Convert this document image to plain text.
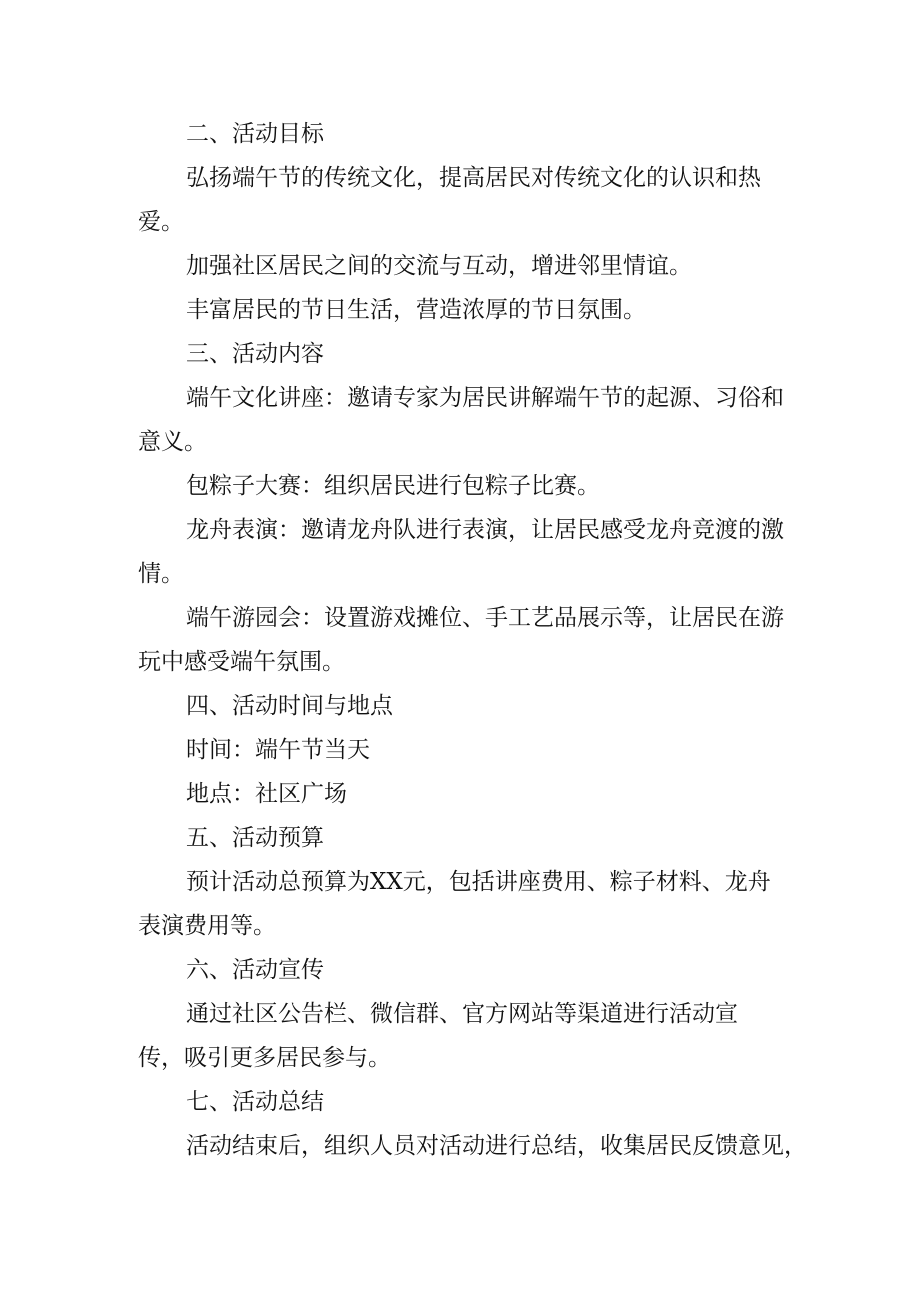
二、活动目标
弘扬端午节的传统文化，提高居民对传统文化的认识和热
爱。
加强社区居民之间的交流与互动，增进邻里情谊。
丰富居民的节日生活，营造浓厚的节日氛围。
三、活动内容
端午文化讲座：邀请专家为居民讲解端午节的起源、习俗和
意义。
包粽子大赛：组织居民进行包粽子比赛。
龙舟表演：邀请龙舟队进行表演，让居民感受龙舟竞渡的激
情。
端午游园会：设置游戏摊位、手工艺品展示等，让居民在游
玩中感受端午氛围。
四、活动时间与地点
时间：端午节当天
地点：社区广场
五、活动预算
预计活动总预算为XX元，包括讲座费用、粽子材料、龙舟
表演费用等。
六、活动宣传
通过社区公告栏、微信群、官方网站等渠道进行活动宣
传，吸引更多居民参与。
七、活动总结
活动结束后，组织人员对活动进行总结，收集居民反馈意见，
